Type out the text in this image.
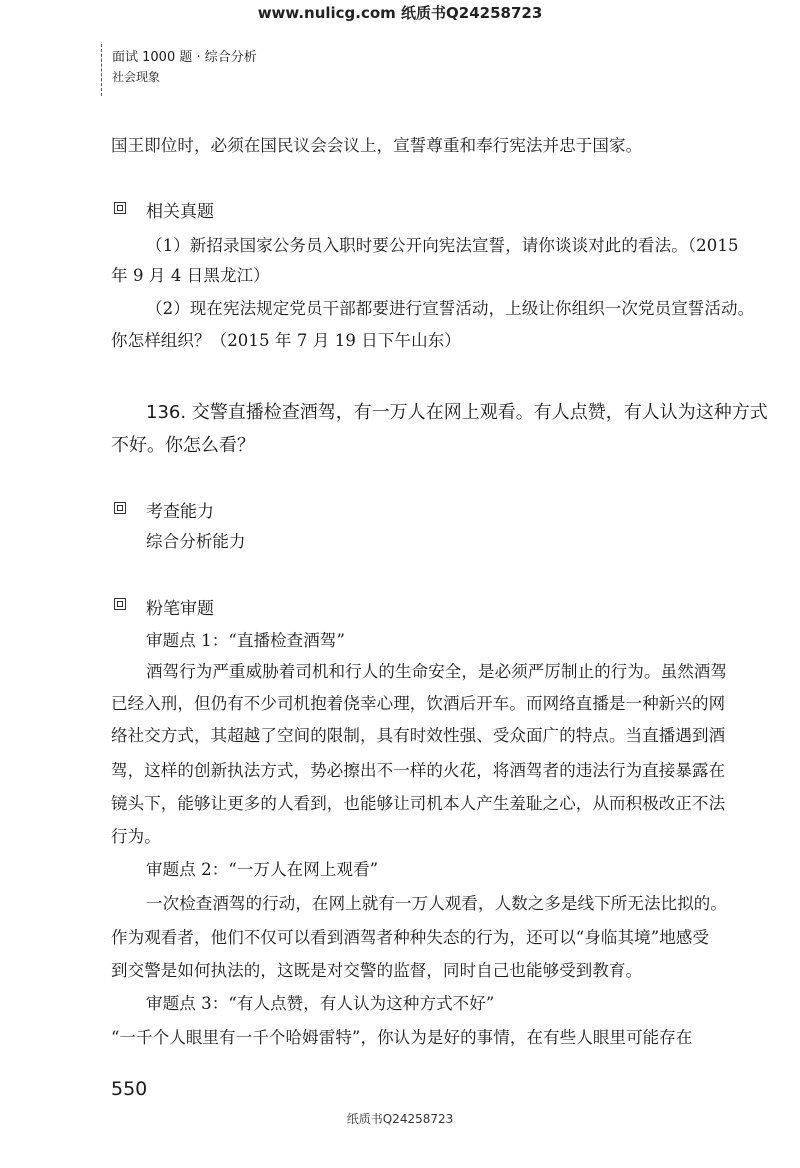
www.nulicg.com 纸质书Q24258723
面试 1000 题 · 综合分析
社会现象
国王即位时，必须在国民议会会议上，宣誓尊重和奉行宪法并忠于国家。
相关真题
（1）新招录国家公务员入职时要公开向宪法宣誓，请你谈谈对此的看法。（2015
年 9 月 4 日黑龙江）
（2）现在宪法规定党员干部都要进行宣誓活动，上级让你组织一次党员宣誓活动。
你怎样组织？（2015 年 7 月 19 日下午山东）
136. 交警直播检查酒驾，有一万人在网上观看。有人点赞，有人认为这种方式
不好。你怎么看？
考查能力
综合分析能力
粉笔审题
审题点 1：“直播检查酒驾”
酒驾行为严重威胁着司机和行人的生命安全，是必须严厉制止的行为。虽然酒驾
已经入刑，但仍有不少司机抱着侥幸心理，饮酒后开车。而网络直播是一种新兴的网
络社交方式，其超越了空间的限制，具有时效性强、受众面广的特点。当直播遇到酒
驾，这样的创新执法方式，势必擦出不一样的火花，将酒驾者的违法行为直接暴露在
镜头下，能够让更多的人看到，也能够让司机本人产生羞耻之心，从而积极改正不法
行为。
审题点 2：“一万人在网上观看”
一次检查酒驾的行动，在网上就有一万人观看，人数之多是线下所无法比拟的。
作为观看者，他们不仅可以看到酒驾者种种失态的行为，还可以“身临其境”地感受
到交警是如何执法的，这既是对交警的监督，同时自己也能够受到教育。
审题点 3：“有人点赞，有人认为这种方式不好”
“一千个人眼里有一千个哈姆雷特”，你认为是好的事情，在有些人眼里可能存在
550
纸质书Q24258723
